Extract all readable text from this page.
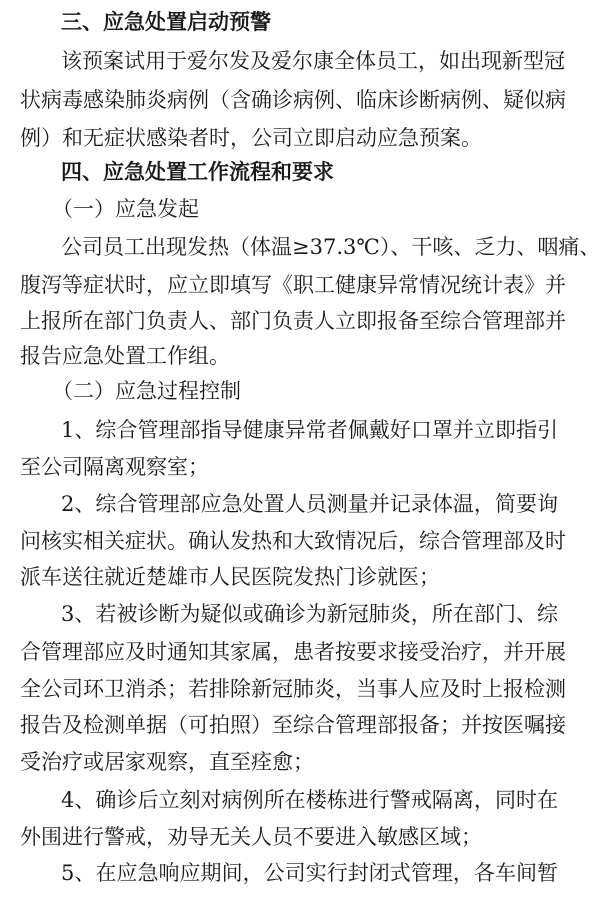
三、应急处置启动预警
该预案试用于爱尔发及爱尔康全体员工，如出现新型冠
状病毒感染肺炎病例（含确诊病例、临床诊断病例、疑似病
例）和无症状感染者时，公司立即启动应急预案。
四、应急处置工作流程和要求
（一）应急发起
公司员工出现发热（体温≥37.3℃）、干咳、乏力、咽痛、
腹泻等症状时，应立即填写《职工健康异常情况统计表》并
上报所在部门负责人、部门负责人立即报备至综合管理部并
报告应急处置工作组。
（二）应急过程控制
1、综合管理部指导健康异常者佩戴好口罩并立即指引
至公司隔离观察室；
2、综合管理部应急处置人员测量并记录体温，简要询
问核实相关症状。确认发热和大致情况后，综合管理部及时
派车送往就近楚雄市人民医院发热门诊就医；
3、若被诊断为疑似或确诊为新冠肺炎，所在部门、综
合管理部应及时通知其家属，患者按要求接受治疗，并开展
全公司环卫消杀；若排除新冠肺炎，当事人应及时上报检测
报告及检测单据（可拍照）至综合管理部报备；并按医嘱接
受治疗或居家观察，直至痊愈；
4、确诊后立刻对病例所在楼栋进行警戒隔离，同时在
外围进行警戒，劝导无关人员不要进入敏感区域；
5、在应急响应期间，公司实行封闭式管理，各车间暂
